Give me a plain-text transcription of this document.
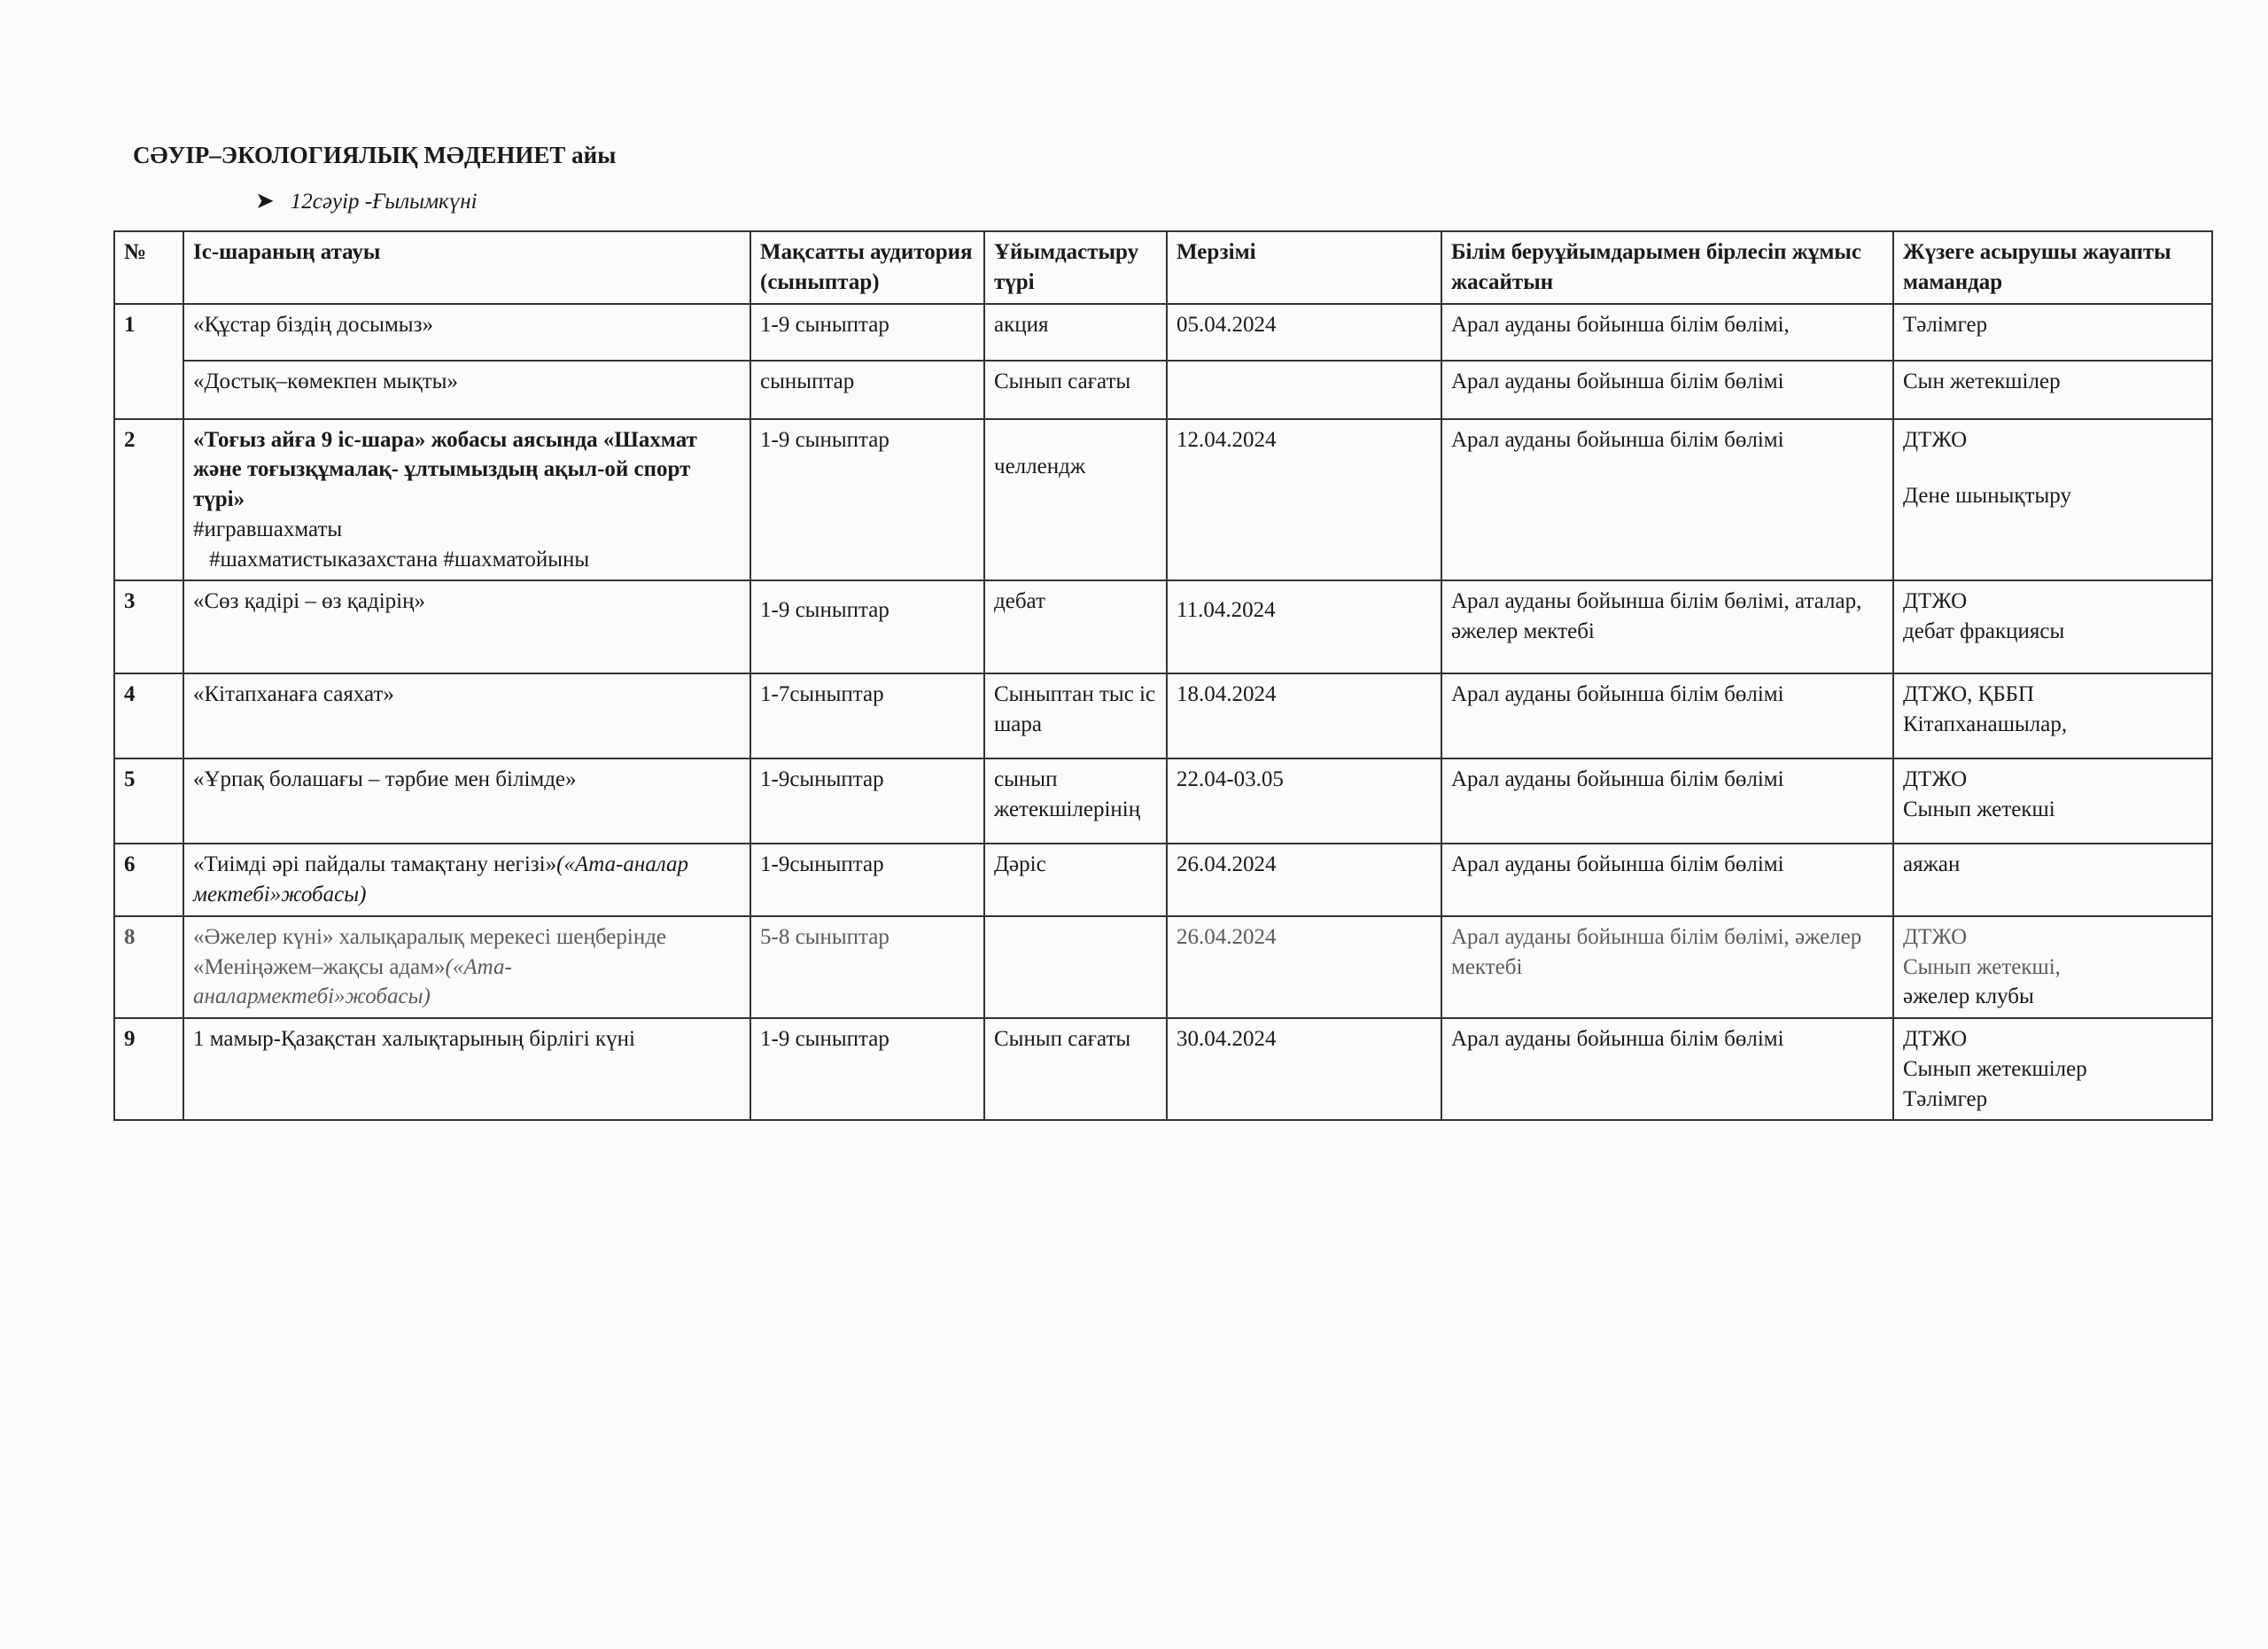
СӘУІР–ЭКОЛОГИЯЛЫҚ МӘДЕНИЕТ айы
➤ 12сәуір -Ғылымкүні
№	Іс-шараның атауы	Мақсатты аудитория (сыныптар)	Ұйымдастыру түрі	Мерзімі	Білім беруұйымдарымен бірлесіп жұмыс жасайтын	Жүзеге асырушы жауапты мамандар
1	«Құстар біздің досымыз»	1-9 сыныптар	акция	05.04.2024	Арал ауданы бойынша білім бөлімі,	Тәлімгер
	«Достық–көмекпен мықты»	сыныптар	Сынып сағаты		Арал ауданы бойынша білім бөлімі	Сын жетекшілер
2	«Тоғыз айға 9 іс-шара» жобасы аясында «Шахмат және тоғызқұмалақ- ұлтымыздың ақыл-ой спорт түрі»
#игравшахматы
#шахматистыказахстана #шахматойыны	1-9 сыныптар	челлендж	12.04.2024	Арал ауданы бойынша білім бөлімі	ДТЖО
Дене шынықтыру

3	«Сөз қадірі – өз қадірің»	1-9 сыныптар	дебат	11.04.2024	Арал ауданы бойынша білім бөлімі, аталар, әжелер мектебі	ДТЖО
дебат фракциясы

4	«Кітапханаға саяхат»	1-7сыныптар	Сыныптан тыс іс шара	18.04.2024	Арал ауданы бойынша білім бөлімі	ДТЖО, ҚББП
Кітапханашылар,

5	«Ұрпақ болашағы – тәрбие мен білімде»	1-9сыныптар	сынып жетекшілерінің	22.04-03.05	Арал ауданы бойынша білім бөлімі	ДТЖО
Сынып жетекші

6	«Тиімді әрі пайдалы тамақтану негізі»(«Ата-аналар мектебі»жобасы)	1-9сыныптар	Дәріс	26.04.2024	Арал ауданы бойынша білім бөлімі	аяжан
8	«Әжелер күні» халықаралық мерекесі шеңберінде «Меніңәжем–жақсы адам»(«Ата-аналармектебі»жобасы)	5-8 сыныптар		26.04.2024	Арал ауданы бойынша білім бөлімі, әжелер мектебі	ДТЖО
Сынып жетекші,
әжелер клубы

9	1 мамыр-Қазақстан халықтарының бірлігі күні	1-9 сыныптар	Сынып сағаты	30.04.2024	Арал ауданы бойынша білім бөлімі	ДТЖО
Сынып жетекшілер
Тәлімгер
